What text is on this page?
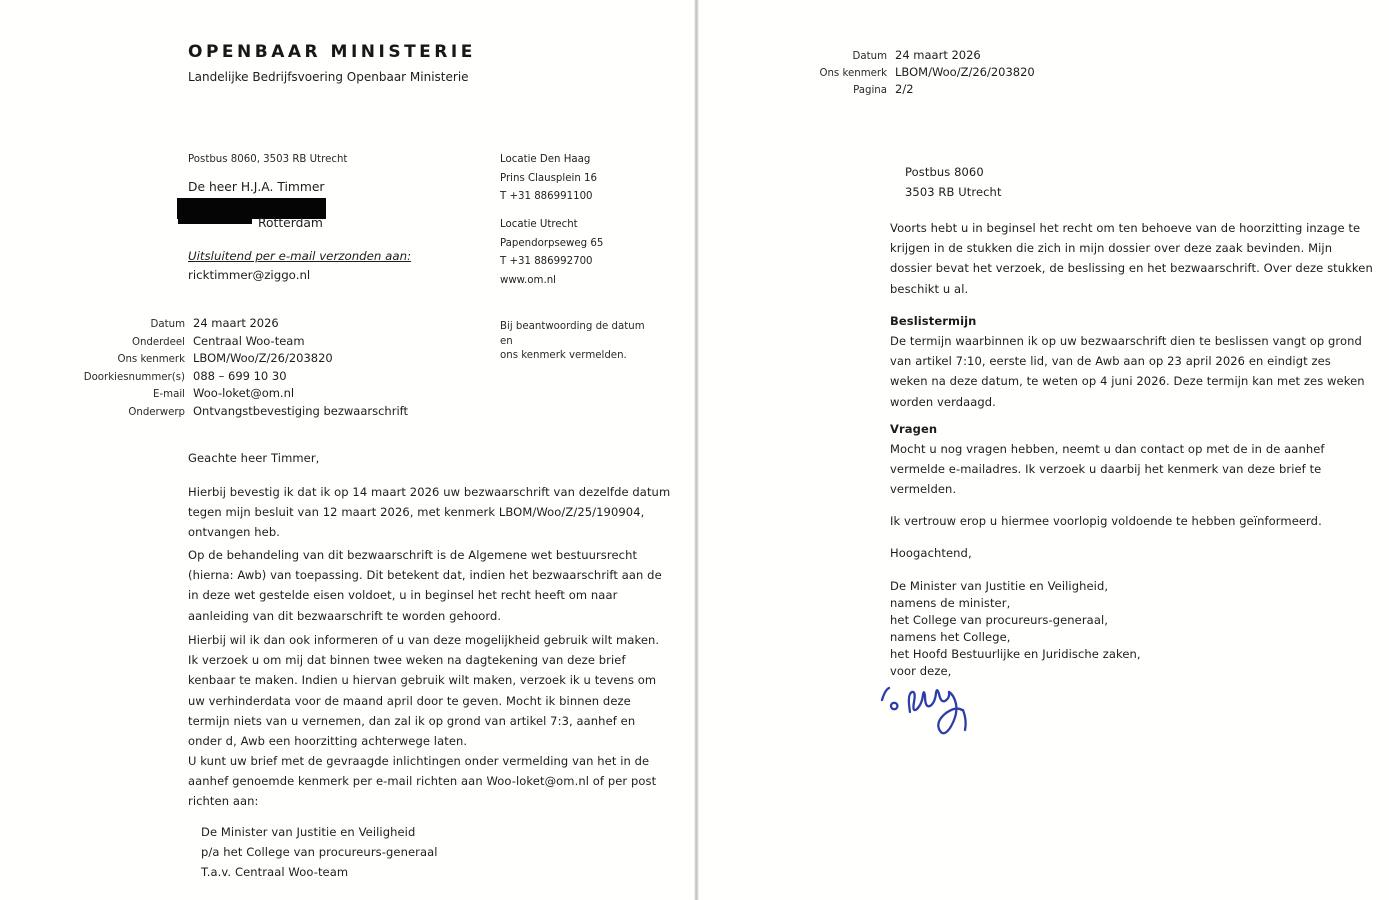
OPENBAAR MINISTERIE
Landelijke Bedrijfsvoering Openbaar Ministerie
Postbus 8060, 3503 RB Utrecht
De heer H.J.A. Timmer
Rotterdam
Uitsluitend per e-mail verzonden aan:
ricktimmer@ziggo.nl
Locatie Den Haag
Prins Clausplein 16
T +31 886991100
Locatie Utrecht
Papendorpseweg 65
T +31 886992700
www.om.nl
Datum 24 maart 2026
Onderdeel Centraal Woo-team
Ons kenmerk LBOM/Woo/Z/26/203820
Doorkiesnummer(s) 088 – 699 10 30
E-mail Woo-loket@om.nl
Onderwerp Ontvangstbevestiging bezwaarschrift
Bij beantwoording de datum en
ons kenmerk vermelden.
Geachte heer Timmer,
Hierbij bevestig ik dat ik op 14 maart 2026 uw bezwaarschrift van dezelfde datum
tegen mijn besluit van 12 maart 2026, met kenmerk LBOM/Woo/Z/25/190904,
ontvangen heb.
Op de behandeling van dit bezwaarschrift is de Algemene wet bestuursrecht
(hierna: Awb) van toepassing. Dit betekent dat, indien het bezwaarschrift aan de
in deze wet gestelde eisen voldoet, u in beginsel het recht heeft om naar
aanleiding van dit bezwaarschrift te worden gehoord.
Hierbij wil ik dan ook informeren of u van deze mogelijkheid gebruik wilt maken.
Ik verzoek u om mij dat binnen twee weken na dagtekening van deze brief
kenbaar te maken. Indien u hiervan gebruik wilt maken, verzoek ik u tevens om
uw verhinderdata voor de maand april door te geven. Mocht ik binnen deze
termijn niets van u vernemen, dan zal ik op grond van artikel 7:3, aanhef en
onder d, Awb een hoorzitting achterwege laten.
U kunt uw brief met de gevraagde inlichtingen onder vermelding van het in de
aanhef genoemde kenmerk per e-mail richten aan Woo-loket@om.nl of per post
richten aan:
De Minister van Justitie en Veiligheid
p/a het College van procureurs-generaal
T.a.v. Centraal Woo-team
Datum 24 maart 2026
Ons kenmerk LBOM/Woo/Z/26/203820
Pagina 2/2
Postbus 8060
3503 RB Utrecht
Voorts hebt u in beginsel het recht om ten behoeve van de hoorzitting inzage te
krijgen in de stukken die zich in mijn dossier over deze zaak bevinden. Mijn
dossier bevat het verzoek, de beslissing en het bezwaarschrift. Over deze stukken
beschikt u al.
Beslistermijn
De termijn waarbinnen ik op uw bezwaarschrift dien te beslissen vangt op grond
van artikel 7:10, eerste lid, van de Awb aan op 23 april 2026 en eindigt zes
weken na deze datum, te weten op 4 juni 2026. Deze termijn kan met zes weken
worden verdaagd.
Vragen
Mocht u nog vragen hebben, neemt u dan contact op met de in de aanhef
vermelde e-mailadres. Ik verzoek u daarbij het kenmerk van deze brief te
vermelden.
Ik vertrouw erop u hiermee voorlopig voldoende te hebben geïnformeerd.
Hoogachtend,
De Minister van Justitie en Veiligheid,
namens de minister,
het College van procureurs-generaal,
namens het College,
het Hoofd Bestuurlijke en Juridische zaken,
voor deze,
